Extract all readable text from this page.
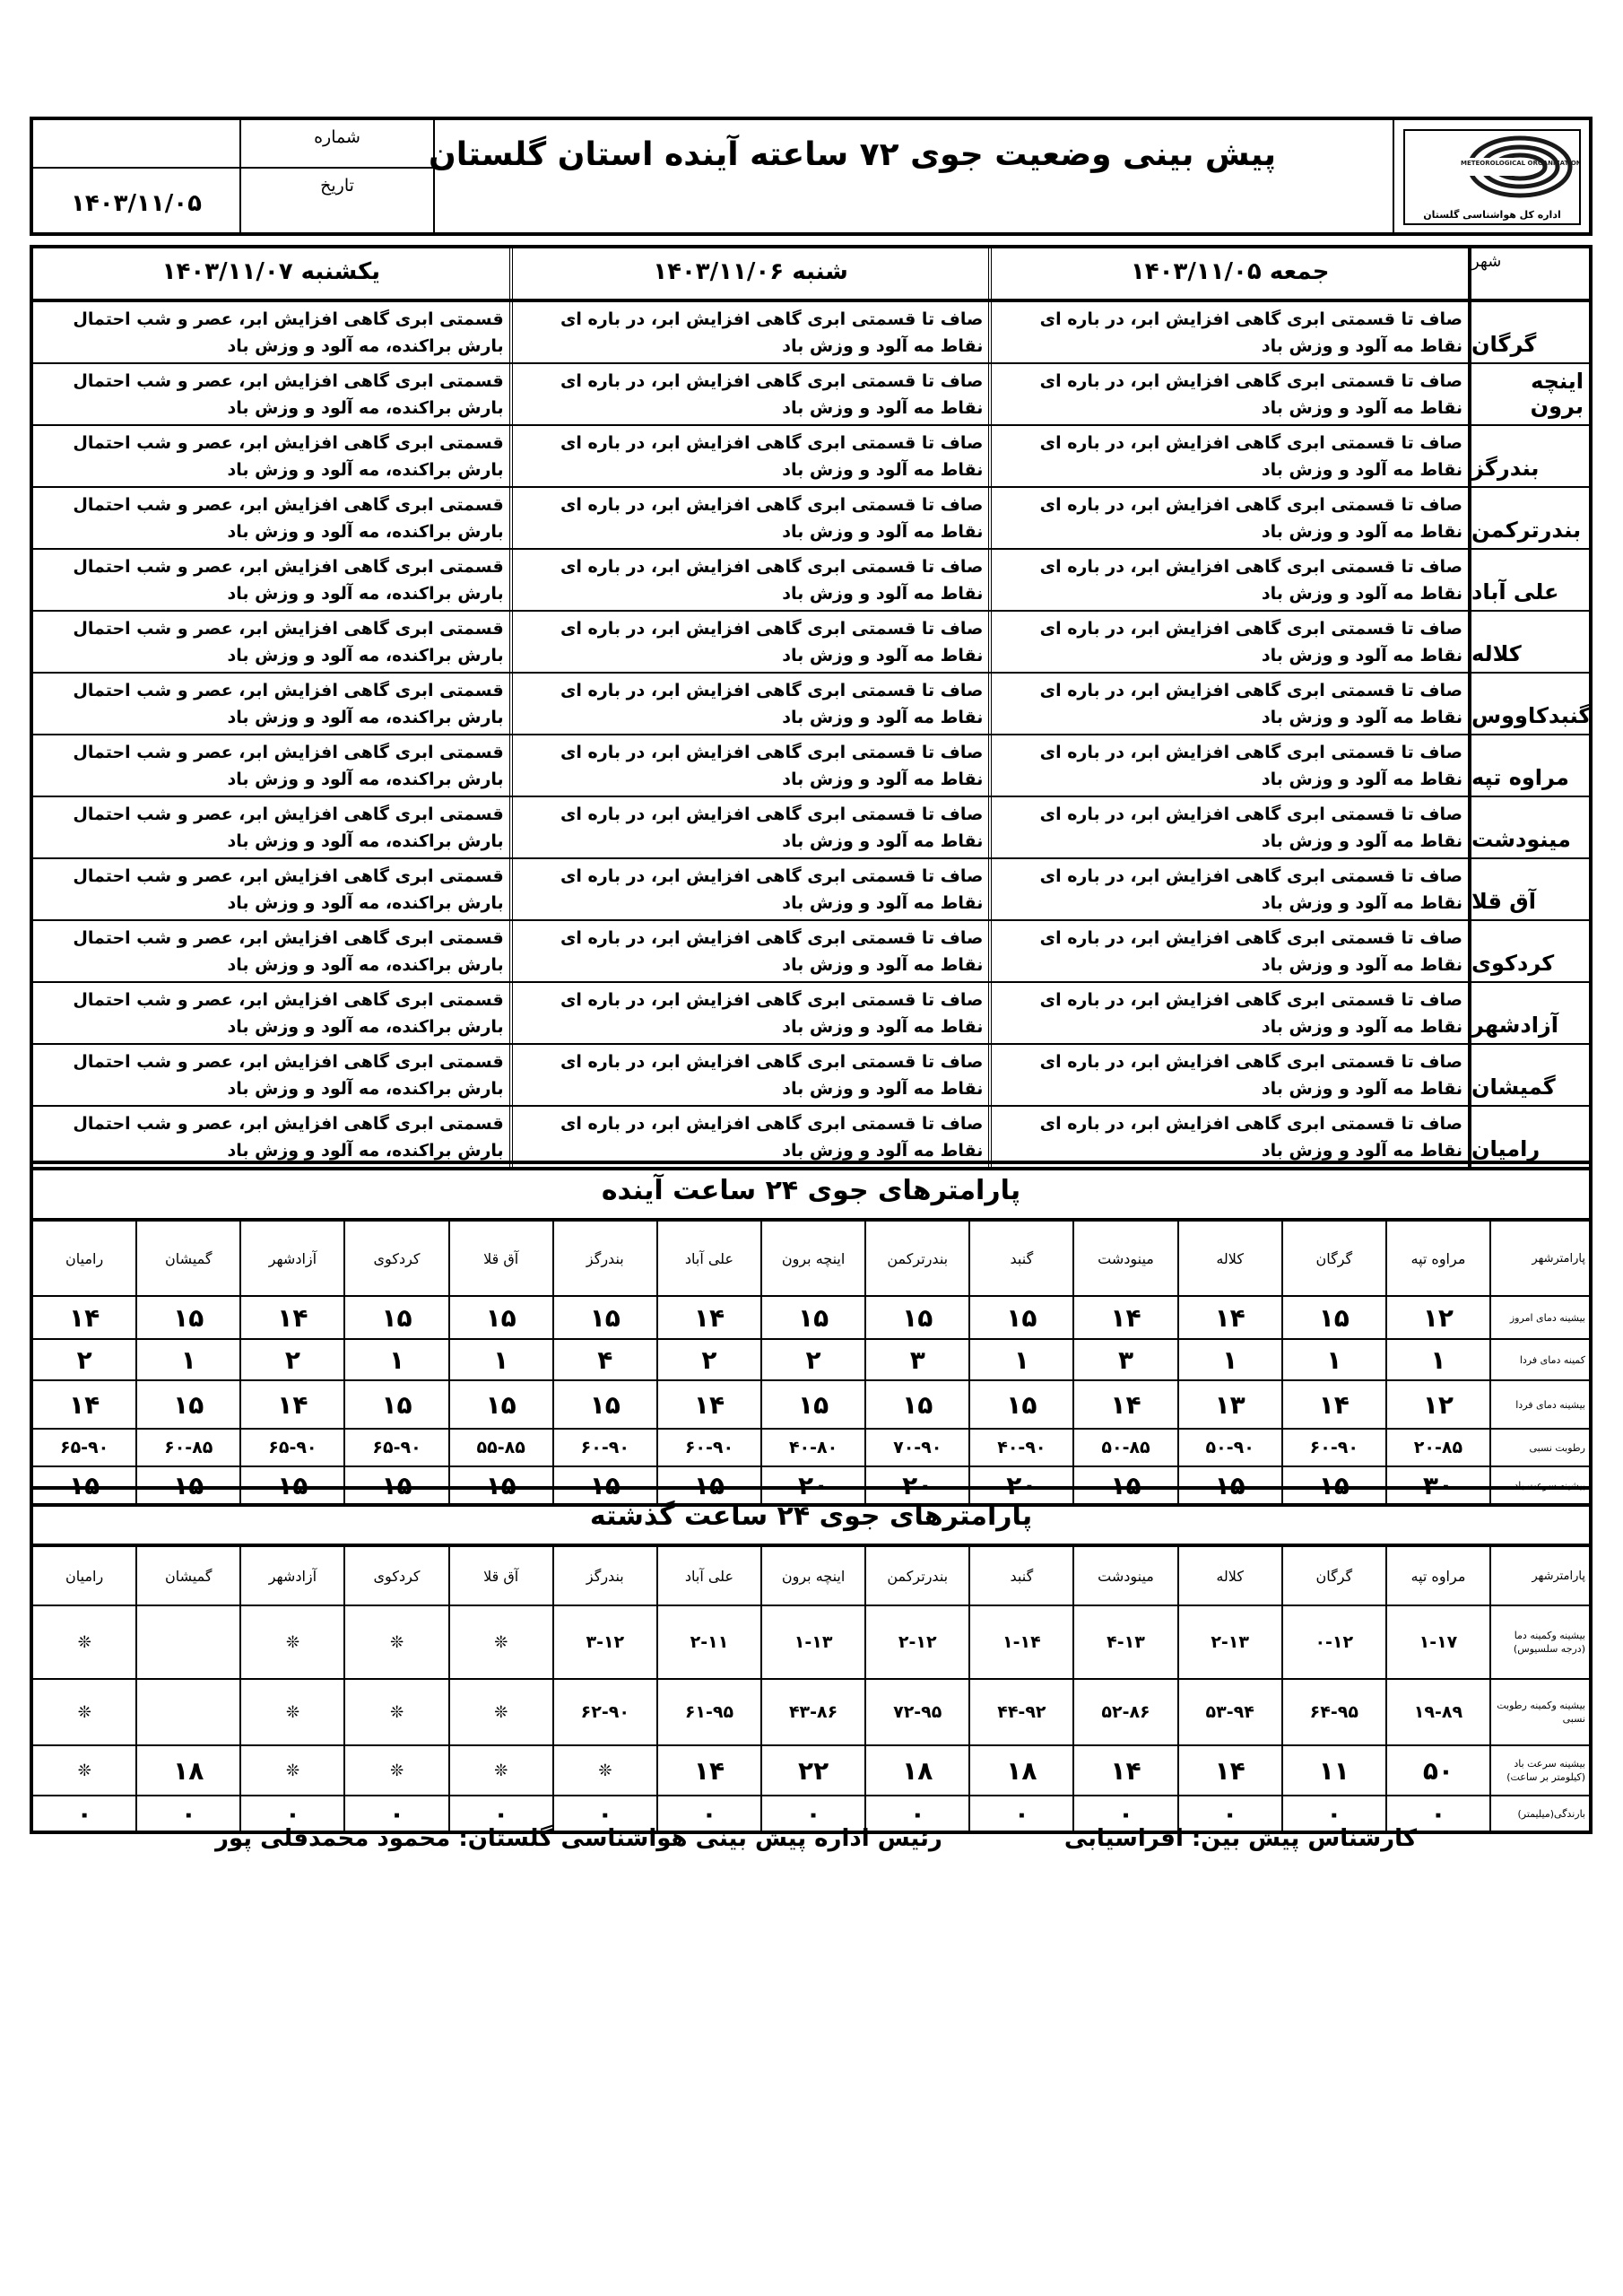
شماره
۱۴۰۳/۱۱/۰۵
تاریخ
پیش بینی وضعیت جوی ۷۲ ساعته آینده استان گلستان	METEOROLOGICAL ORGANIZATION
اداره کل هواشناسی گلستان
شهر
جمعه ۱۴۰۳/۱۱/۰۵
شنبه ۱۴۰۳/۱۱/۰۶
یکشنبه ۱۴۰۳/۱۱/۰۷
گرگان
صاف تا قسمتی ابری گاهی افزایش ابر، در باره ای نقاط مه آلود و وزش باد
صاف تا قسمتی ابری گاهی افزایش ابر، در باره ای نقاط مه آلود و وزش باد
قسمتی ابری گاهی افزایش ابر، عصر و شب احتمال بارش براکنده، مه آلود و وزش باد
اینچه برون
صاف تا قسمتی ابری گاهی افزایش ابر، در باره ای نقاط مه آلود و وزش باد
صاف تا قسمتی ابری گاهی افزایش ابر، در باره ای نقاط مه آلود و وزش باد
قسمتی ابری گاهی افزایش ابر، عصر و شب احتمال بارش براکنده، مه آلود و وزش باد
بندرگز
صاف تا قسمتی ابری گاهی افزایش ابر، در باره ای نقاط مه آلود و وزش باد
صاف تا قسمتی ابری گاهی افزایش ابر، در باره ای نقاط مه آلود و وزش باد
قسمتی ابری گاهی افزایش ابر، عصر و شب احتمال بارش براکنده، مه آلود و وزش باد
بندرترکمن
صاف تا قسمتی ابری گاهی افزایش ابر، در باره ای نقاط مه آلود و وزش باد
صاف تا قسمتی ابری گاهی افزایش ابر، در باره ای نقاط مه آلود و وزش باد
قسمتی ابری گاهی افزایش ابر، عصر و شب احتمال بارش براکنده، مه آلود و وزش باد
علی آباد
صاف تا قسمتی ابری گاهی افزایش ابر، در باره ای نقاط مه آلود و وزش باد
صاف تا قسمتی ابری گاهی افزایش ابر، در باره ای نقاط مه آلود و وزش باد
قسمتی ابری گاهی افزایش ابر، عصر و شب احتمال بارش براکنده، مه آلود و وزش باد
کلاله
صاف تا قسمتی ابری گاهی افزایش ابر، در باره ای نقاط مه آلود و وزش باد
صاف تا قسمتی ابری گاهی افزایش ابر، در باره ای نقاط مه آلود و وزش باد
قسمتی ابری گاهی افزایش ابر، عصر و شب احتمال بارش براکنده، مه آلود و وزش باد
گنبدکاووس
صاف تا قسمتی ابری گاهی افزایش ابر، در باره ای نقاط مه آلود و وزش باد
صاف تا قسمتی ابری گاهی افزایش ابر، در باره ای نقاط مه آلود و وزش باد
قسمتی ابری گاهی افزایش ابر، عصر و شب احتمال بارش براکنده، مه آلود و وزش باد
مراوه تپه
صاف تا قسمتی ابری گاهی افزایش ابر، در باره ای نقاط مه آلود و وزش باد
صاف تا قسمتی ابری گاهی افزایش ابر، در باره ای نقاط مه آلود و وزش باد
قسمتی ابری گاهی افزایش ابر، عصر و شب احتمال بارش براکنده، مه آلود و وزش باد
مینودشت
صاف تا قسمتی ابری گاهی افزایش ابر، در باره ای نقاط مه آلود و وزش باد
صاف تا قسمتی ابری گاهی افزایش ابر، در باره ای نقاط مه آلود و وزش باد
قسمتی ابری گاهی افزایش ابر، عصر و شب احتمال بارش براکنده، مه آلود و وزش باد
آق قلا
صاف تا قسمتی ابری گاهی افزایش ابر، در باره ای نقاط مه آلود و وزش باد
صاف تا قسمتی ابری گاهی افزایش ابر، در باره ای نقاط مه آلود و وزش باد
قسمتی ابری گاهی افزایش ابر، عصر و شب احتمال بارش براکنده، مه آلود و وزش باد
کردکوی
صاف تا قسمتی ابری گاهی افزایش ابر، در باره ای نقاط مه آلود و وزش باد
صاف تا قسمتی ابری گاهی افزایش ابر، در باره ای نقاط مه آلود و وزش باد
قسمتی ابری گاهی افزایش ابر، عصر و شب احتمال بارش براکنده، مه آلود و وزش باد
آزادشهر
صاف تا قسمتی ابری گاهی افزایش ابر، در باره ای نقاط مه آلود و وزش باد
صاف تا قسمتی ابری گاهی افزایش ابر، در باره ای نقاط مه آلود و وزش باد
قسمتی ابری گاهی افزایش ابر، عصر و شب احتمال بارش براکنده، مه آلود و وزش باد
گمیشان
صاف تا قسمتی ابری گاهی افزایش ابر، در باره ای نقاط مه آلود و وزش باد
صاف تا قسمتی ابری گاهی افزایش ابر، در باره ای نقاط مه آلود و وزش باد
قسمتی ابری گاهی افزایش ابر، عصر و شب احتمال بارش براکنده، مه آلود و وزش باد
رامیان
صاف تا قسمتی ابری گاهی افزایش ابر، در باره ای نقاط مه آلود و وزش باد
صاف تا قسمتی ابری گاهی افزایش ابر، در باره ای نقاط مه آلود و وزش باد
قسمتی ابری گاهی افزایش ابر، عصر و شب احتمال بارش براکنده، مه آلود و وزش باد
پارامترهای جوی ۲۴ ساعت آینده
پارامترشهر
مراوه تپه
گرگان
کلاله
مینودشت
گنبد
بندرترکمن
اینچه برون
علی آباد
بندرگز
آق قلا
کردکوی
آزادشهر
گمیشان
رامیان
بیشینه دمای امروز
۱۲
۱۵
۱۴
۱۴
۱۵
۱۵
۱۵
۱۴
۱۵
۱۵
۱۵
۱۴
۱۵
۱۴
کمینه دمای فردا
۱
۱
۱
۳
۱
۳
۲
۲
۴
۱
۱
۲
۱
۲
بیشینه دمای فردا
۱۲
۱۴
۱۳
۱۴
۱۵
۱۵
۱۵
۱۴
۱۵
۱۵
۱۵
۱۴
۱۵
۱۴
رطوبت نسبی
۲۰-۸۵
۶۰-۹۰
۵۰-۹۰
۵۰-۸۵
۴۰-۹۰
۷۰-۹۰
۴۰-۸۰
۶۰-۹۰
۶۰-۹۰
۵۵-۸۵
۶۵-۹۰
۶۵-۹۰
۶۰-۸۵
۶۵-۹۰
بیشینه سرعت باد
۳۰
۱۵
۱۵
۱۵
۲۰
۲۰
۲۰
۱۵
۱۵
۱۵
۱۵
۱۵
۱۵
۱۵
پارامترهای جوی ۲۴ ساعت گذشته
پارامترشهر
مراوه تپه
گرگان
کلاله
مینودشت
گنبد
بندرترکمن
اینچه برون
علی آباد
بندرگز
آق قلا
کردکوی
آزادشهر
گمیشان
رامیان
بیشینه وکمینه دما (درجه سلسیوس)
۱-۱۷
۰-۱۲
۲-۱۳
۴-۱۳
۱-۱۴
۲-۱۲
۱-۱۳
۲-۱۱
۳-۱۲
❊
❊
❊
❊
بیشینه وکمینه رطوبت نسبی
۱۹-۸۹
۶۴-۹۵
۵۳-۹۴
۵۲-۸۶
۴۴-۹۲
۷۲-۹۵
۴۳-۸۶
۶۱-۹۵
۶۲-۹۰
❊
❊
❊
❊
بیشینه سرعت باد (کیلومتر بر ساعت)
۵۰
۱۱
۱۴
۱۴
۱۸
۱۸
۲۲
۱۴
❊
❊
❊
❊
۱۸
❊
بارندگی(میلیمتر)
۰
۰
۰
۰
۰
۰
۰
۰
۰
۰
۰
۰
۰
۰
کارشناس پیش بین: افراسیابی
رئیس اداره پیش بینی هواشناسی گلستان: محمود محمدقلی پور
